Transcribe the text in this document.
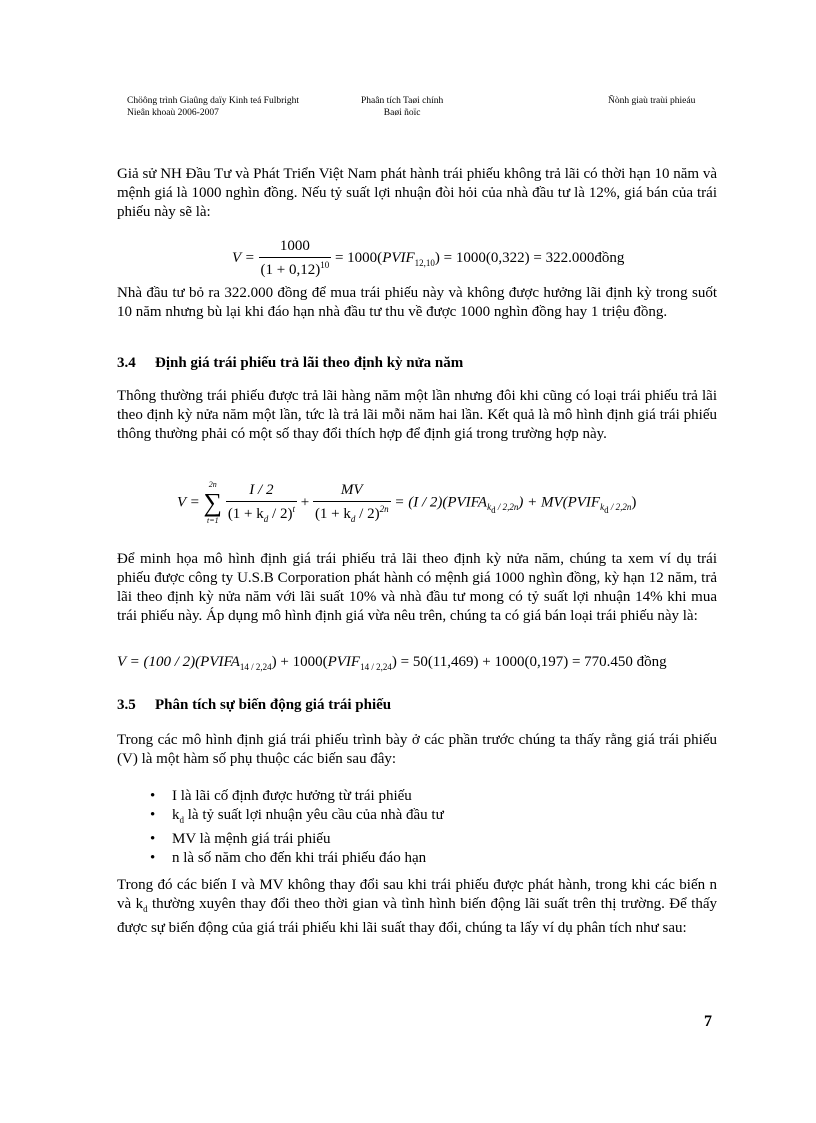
Chöông trình Giaûng daïy Kinh teá Fulbright
Nieân khoaù 2006-2007
Phaân tích Taøi chính
Baøi ñoïc
Ñònh giaù traùi phieáu
Giả sử NH Đầu Tư và Phát Triển Việt Nam phát hành trái phiếu không trả lãi có thời hạn 10 năm và mệnh giá là 1000 nghìn đồng. Nếu tỷ suất lợi nhuận đòi hỏi của nhà đầu tư là 12%, giá bán của trái phiếu này sẽ là:
$V = \frac{1000}{(1 + 0,12)^{10}}$ = $1000(PVIF_{12,10}) = 1000(0,322)$ = 322.000đồng
Nhà đầu tư bỏ ra 322.000 đồng để mua trái phiếu này và không được hưởng lãi định kỳ trong suốt 10 năm nhưng bù lại khi đáo hạn nhà đầu tư thu về được 1000 nghìn đồng hay 1 triệu đồng.
3.4 Định giá trái phiếu trả lãi theo định kỳ nửa năm
Thông thường trái phiếu được trả lãi hàng năm một lần nhưng đôi khi cũng có loại trái phiếu trả lãi theo định kỳ nửa năm một lần, tức là trả lãi mỗi năm hai lần. Kết quả là mô hình định giá trái phiếu thông thường phải có một số thay đổi thích hợp để định giá trong trường hợp này.
V =
2n
∑
t=1
$\frac{I / 2}{(1 + k_d / 2)^t} + \frac{MV}{(1 + k_d / 2)^{2n}} = (I$ / $2)(PVIFA_{k_d / 2,2n})$ + $MV(PVIF_{k_d / 2,2n})$
Để minh họa mô hình định giá trái phiếu trả lãi theo định kỳ nửa năm, chúng ta xem ví dụ trái phiếu được công ty U.S.B Corporation phát hành có mệnh giá 1000 nghìn đồng, kỳ hạn 12 năm, trả lãi theo định kỳ nửa năm với lãi suất 10% và nhà đầu tư mong có tỷ suất lợi nhuận 14% khi mua trái phiếu này. Áp dụng mô hình định giá vừa nêu trên, chúng ta có giá bán loại trái phiếu này là:
$V = (100 / 2)(PVIFA_{14 / 2,24})$ + $1000(PVIF_{14 / 2,24}) = 50(11,469) + 1000(0,197) = 770.450$ đồng
3.5 Phân tích sự biến động giá trái phiếu
Trong các mô hình định giá trái phiếu trình bày ở các phần trước chúng ta thấy rằng giá trái phiếu (V) là một hàm số phụ thuộc các biến sau đây:
• I là lãi cố định được hưởng từ trái phiếu
• $k_d$ là tỷ suất lợi nhuận yêu cầu của nhà đầu tư
• MV là mệnh giá trái phiếu
• n là số năm cho đến khi trái phiếu đáo hạn
Trong đó các biến I và MV không thay đổi sau khi trái phiếu được phát hành, trong khi các biến n và $k_d$ thường xuyên thay đổi theo thời gian và tình hình biến động lãi suất trên thị trường. Để thấy được sự biến động của giá trái phiếu khi lãi suất thay đổi, chúng ta lấy ví dụ phân tích như sau:
7
